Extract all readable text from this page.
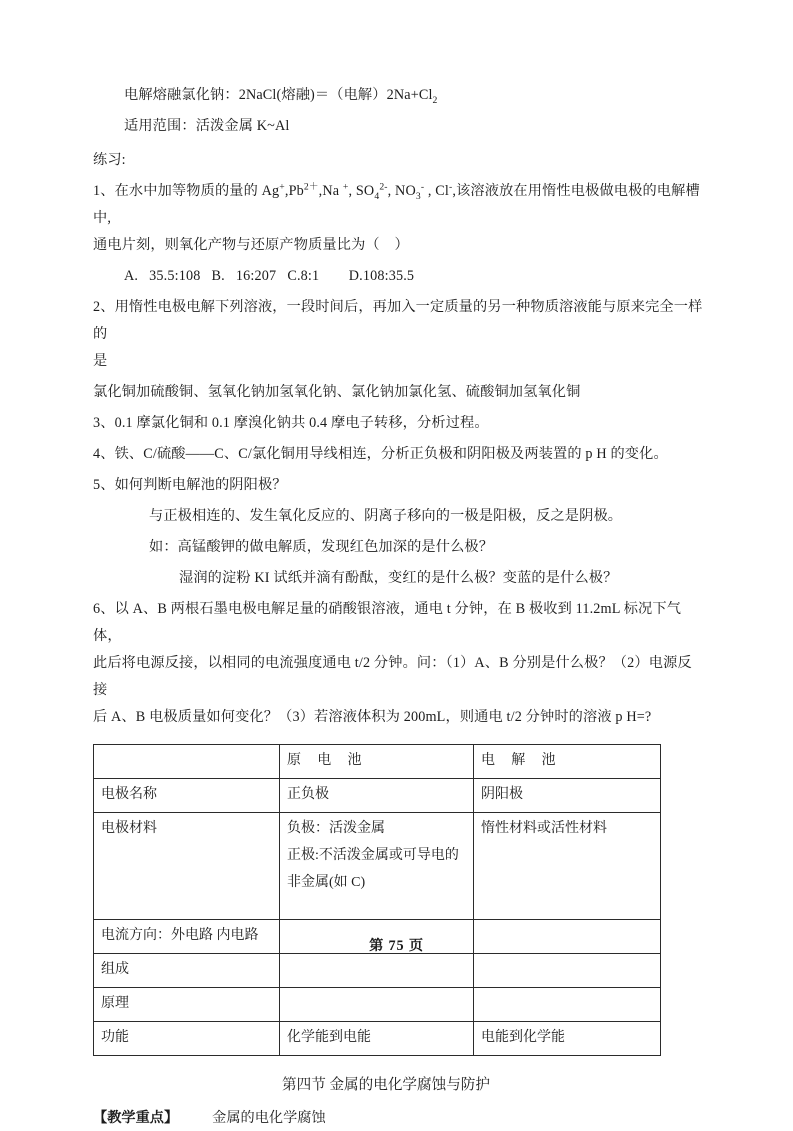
电解熔融氯化钠：2NaCl(熔融)＝（电解）$2Na+Cl_2$
适用范围：活泼金属 K~Al
练习:
1、在水中加等物质的量的 $Ag^+,Pb^{2+},Na$ +, $SO_4^{2-}$, $NO_3^-$ , Cl-,该溶液放在用惰性电极做电极的电解槽中,
通电片刻，则氧化产物与还原产物质量比为（    ）
A.   35.5:108   B.   16:207   C.8:1        D.108:35.5
2、用惰性电极电解下列溶液，一段时间后，再加入一定质量的另一种物质溶液能与原来完全一样的
是
氯化铜加硫酸铜、氢氧化钠加氢氧化钠、氯化钠加氯化氢、硫酸铜加氢氧化铜
3、0.1 摩氯化铜和 0.1 摩溴化钠共 0.4 摩电子转移，分析过程。
4、铁、C/硫酸——C、C/氯化铜用导线相连，分析正负极和阴阳极及两装置的 p H 的变化。
5、如何判断电解池的阴阳极？
与正极相连的、发生氧化反应的、阴离子移向的一极是阳极，反之是阴极。
如：高锰酸钾的做电解质，发现红色加深的是什么极？
湿润的淀粉 KI 试纸并滴有酚酞，变红的是什么极？变蓝的是什么极？
6、以 A、B 两根石墨电极电解足量的硝酸银溶液，通电 t 分钟，在 B 极收到 11.2mL 标况下气体，
此后将电源反接，以相同的电流强度通电 t/2 分钟。问：（1）A、B 分别是什么极？（2）电源反接
后 A、B 电极质量如何变化？（3）若溶液体积为 200mL，则通电 t/2 分钟时的溶液 p H=?
	原　电　池	电　解　池
电极名称	正负极	阴阳极
电极材料	负极：活泼金属
正极:不活泼金属或可导电的
非金属(如 C)	惰性材料或活性材料
电流方向：外电路 内电路		
组成		
原理		
功能	化学能到电能	电能到化学能
第四节 金属的电化学腐蚀与防护
【教学重点】 金属的电化学腐蚀
第 75 页
